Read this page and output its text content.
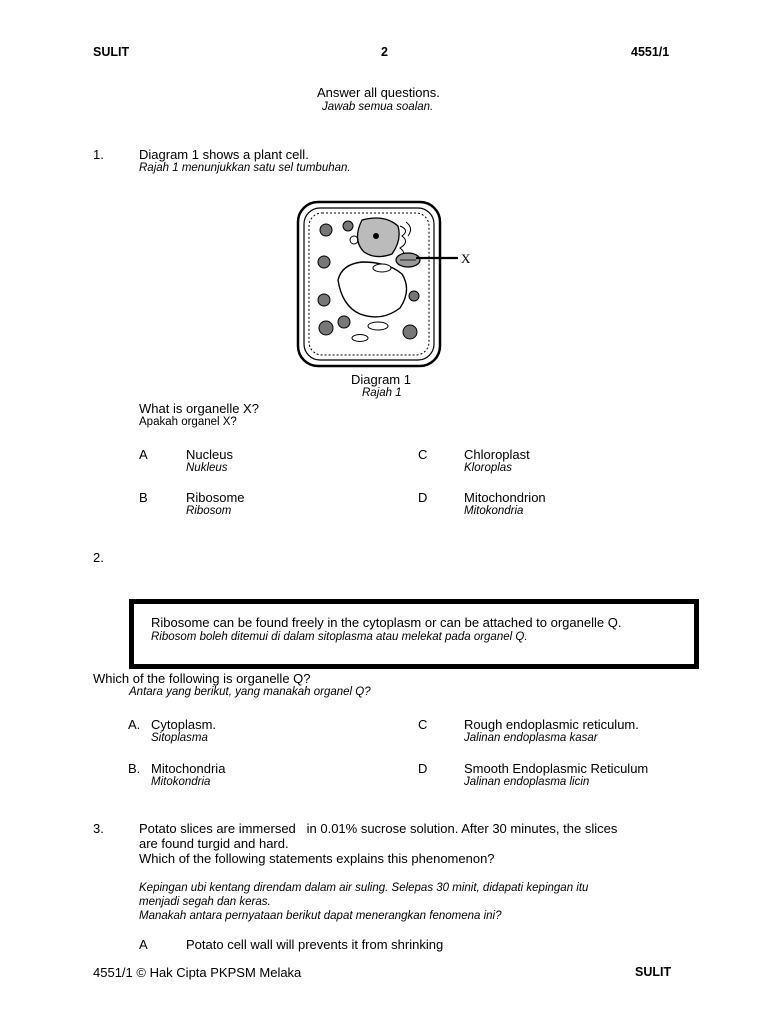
SULIT	2	4551/1
Answer all questions.
Jawab semua soalan.
1.	Diagram 1 shows a plant cell.
Rajah 1 menunjukkan satu sel tumbuhan.
X
Diagram 1
Rajah 1
What is organelle X?
Apakah organel X?
A	Nucleus
Nukleus
C	Chloroplast
Kloroplas
B	Ribosome
Ribosom
D	Mitochondrion
Mitokondria
2.
Ribosome can be found freely in the cytoplasm or can be attached to organelle Q.
Ribosom boleh ditemui di dalam sitoplasma atau melekat pada organel Q.
Which of the following is organelle Q?
Antara yang berikut, yang manakah organel Q?
A. Cytoplasm.
Sitoplasma
C	Rough endoplasmic reticulum.
Jalinan endoplasma kasar
B. Mitochondria
Mitokondria
D	Smooth Endoplasmic Reticulum
Jalinan endoplasma licin
3.	Potato slices are immersed   in 0.01% sucrose solution. After 30 minutes, the slices
are found turgid and hard.
Which of the following statements explains this phenomenon?
Kepingan ubi kentang direndam dalam air suling. Selepas 30 minit, didapati kepingan itu
menjadi segah dan keras.
Manakah antara pernyataan berikut dapat menerangkan fenomena ini?
A	Potato cell wall will prevents it from shrinking
4551/1 © Hak Cipta PKPSM Melaka	SULIT
